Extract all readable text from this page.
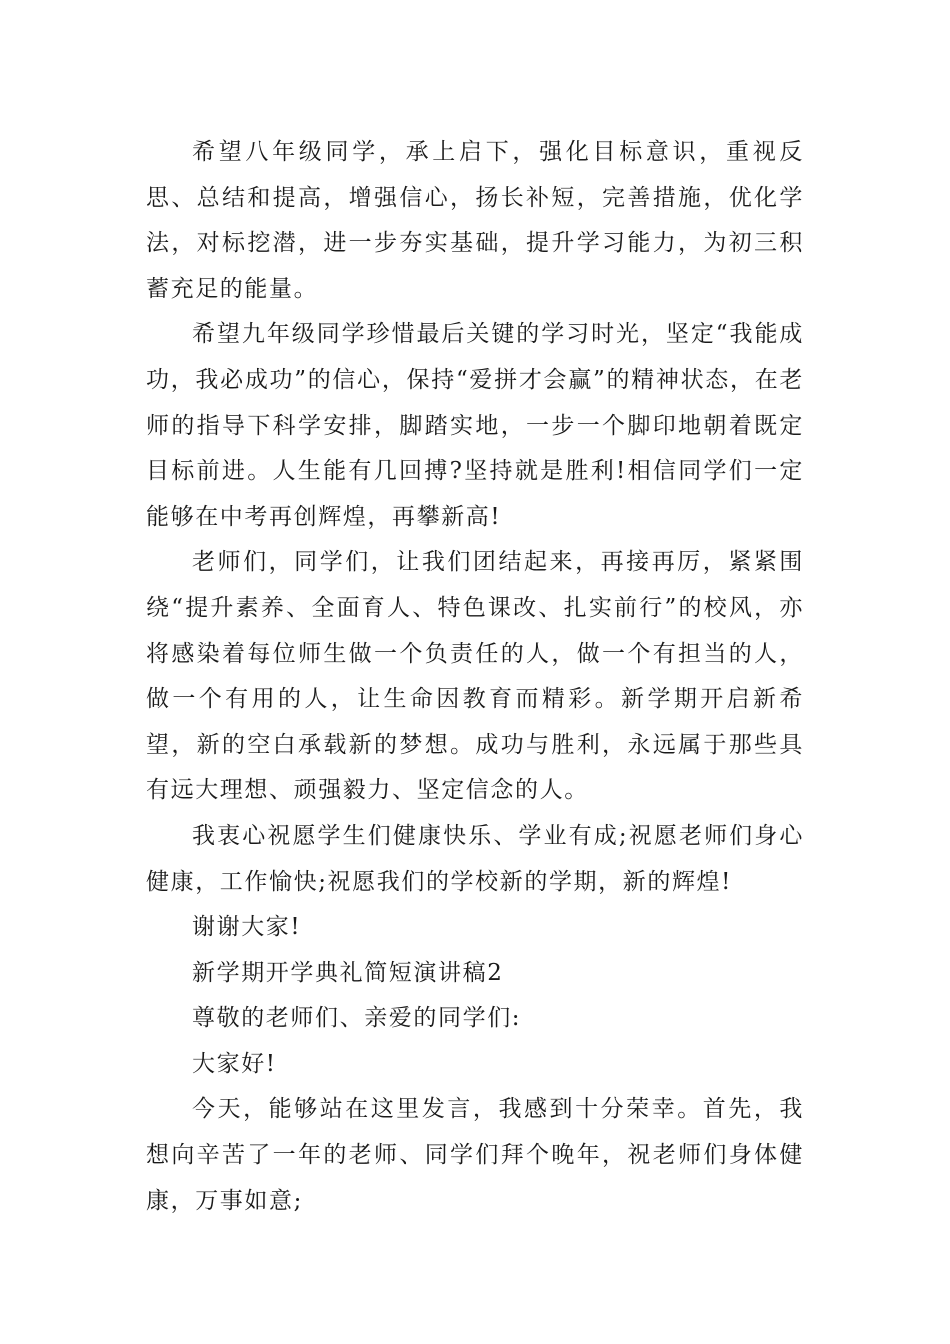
希望八年级同学，承上启下，强化目标意识，重视反思、总结和提高，增强信心，扬长补短，完善措施，优化学法，对标挖潜，进一步夯实基础，提升学习能力，为初三积蓄充足的能量。

希望九年级同学珍惜最后关键的学习时光，坚定“我能成功，我必成功”的信心，保持“爱拼才会赢”的精神状态，在老师的指导下科学安排，脚踏实地，一步一个脚印地朝着既定目标前进。人生能有几回搏?坚持就是胜利!相信同学们一定能够在中考再创辉煌，再攀新高!

老师们，同学们，让我们团结起来，再接再厉，紧紧围绕“提升素养、全面育人、特色课改、扎实前行”的校风，亦将感染着每位师生做一个负责任的人，做一个有担当的人，做一个有用的人，让生命因教育而精彩。新学期开启新希望，新的空白承载新的梦想。成功与胜利，永远属于那些具有远大理想、顽强毅力、坚定信念的人。

我衷心祝愿学生们健康快乐、学业有成;祝愿老师们身心健康，工作愉快;祝愿我们的学校新的学期，新的辉煌!

谢谢大家!

新学期开学典礼简短演讲稿2

尊敬的老师们、亲爱的同学们:

大家好!

今天，能够站在这里发言，我感到十分荣幸。首先，我想向辛苦了一年的老师、同学们拜个晚年，祝老师们身体健康，万事如意;
